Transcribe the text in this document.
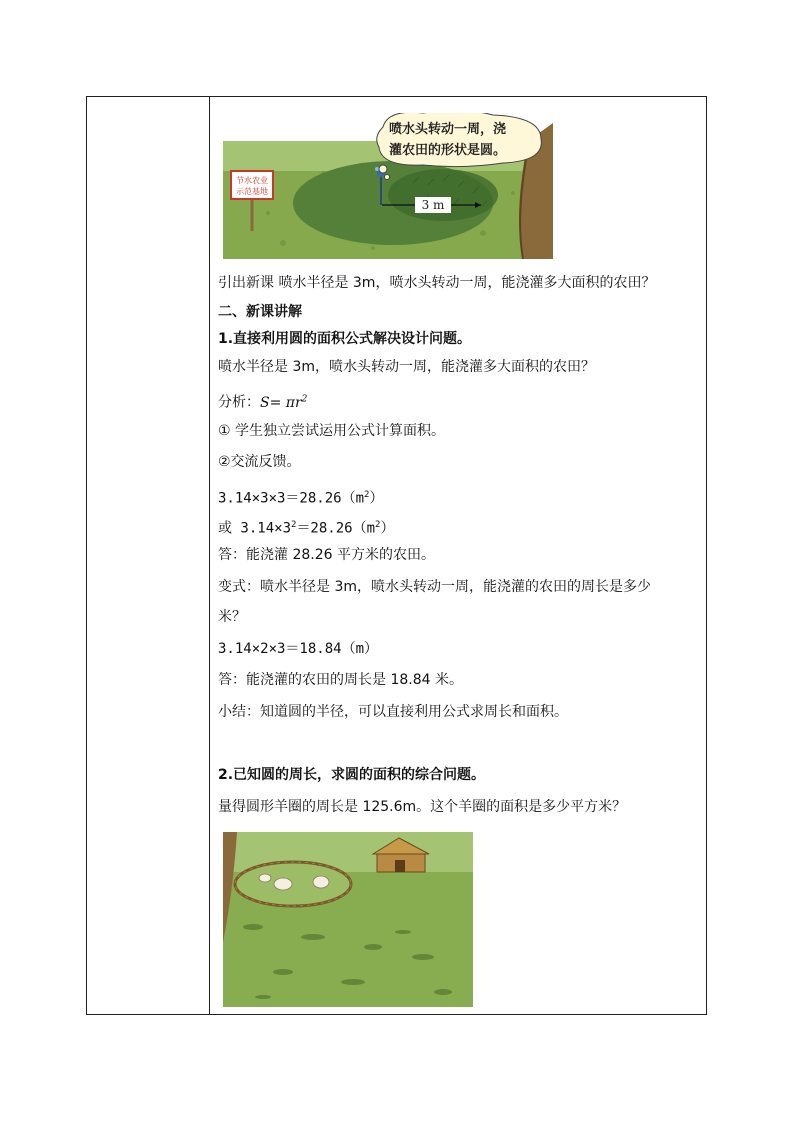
3 m
节水农业
示范基地
喷水头转动一周，浇
灌农田的形状是圆。
引出新课 喷水半径是 3m，喷水头转动一周，能浇灌多大面积的农田？
二、新课讲解
1.直接利用圆的面积公式解决设计问题。
喷水半径是 3m，喷水头转动一周，能浇灌多大面积的农田？
分析：$S= \pi r^2$
① 学生独立尝试运用公式计算面积。
②交流反馈。
$3.14\times 3\times 3=28.26(m^2)$
或 $3.14\times 3^2=28.26(m^2)$
答：能浇灌 28.26 平方米的农田。
变式：喷水半径是 3m，喷水头转动一周，能浇灌的农田的周长是多少
米？
3.14×2×3＝18.84（m）
答：能浇灌的农田的周长是 18.84 米。
小结：知道圆的半径，可以直接利用公式求周长和面积。
2.已知圆的周长，求圆的面积的综合问题。
量得圆形羊圈的周长是 125.6m。这个羊圈的面积是多少平方米？
